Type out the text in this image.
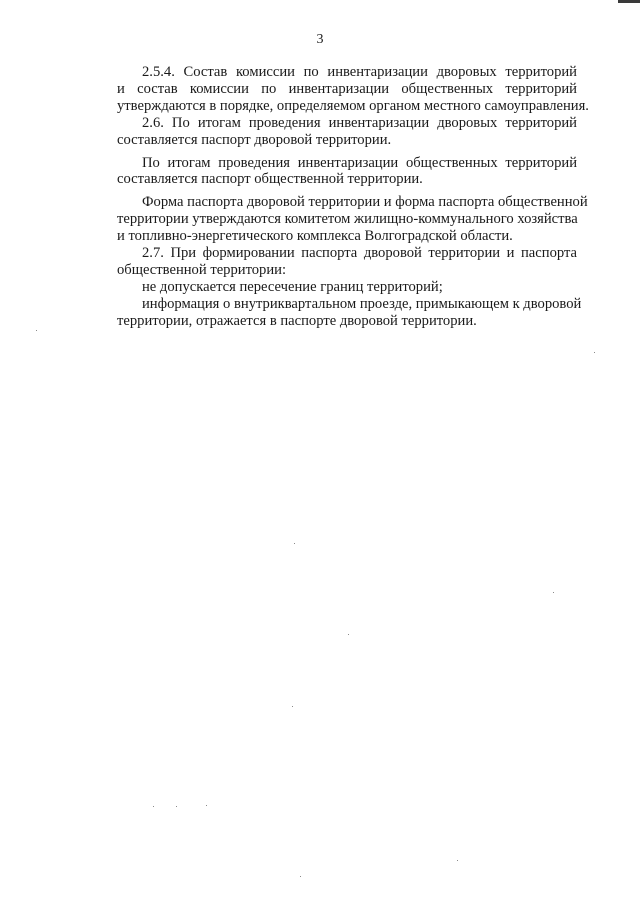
3

2.5.4. Состав комиссии по инвентаризации дворовых территорий
и состав комиссии по инвентаризации общественных территорий
утверждаются в порядке, определяемом органом местного самоуправления.

2.6. По итогам проведения инвентаризации дворовых территорий
составляется паспорт дворовой территории.

По итогам проведения инвентаризации общественных территорий
составляется паспорт общественной территории.

Форма паспорта дворовой территории и форма паспорта общественной
территории утверждаются комитетом жилищно-коммунального хозяйства
и топливно-энергетического комплекса Волгоградской области.

2.7. При формировании паспорта дворовой территории и паспорта
общественной территории:

не допускается пересечение границ территорий;

информация о внутриквартальном проезде, примыкающем к дворовой
территории, отражается в паспорте дворовой территории.
